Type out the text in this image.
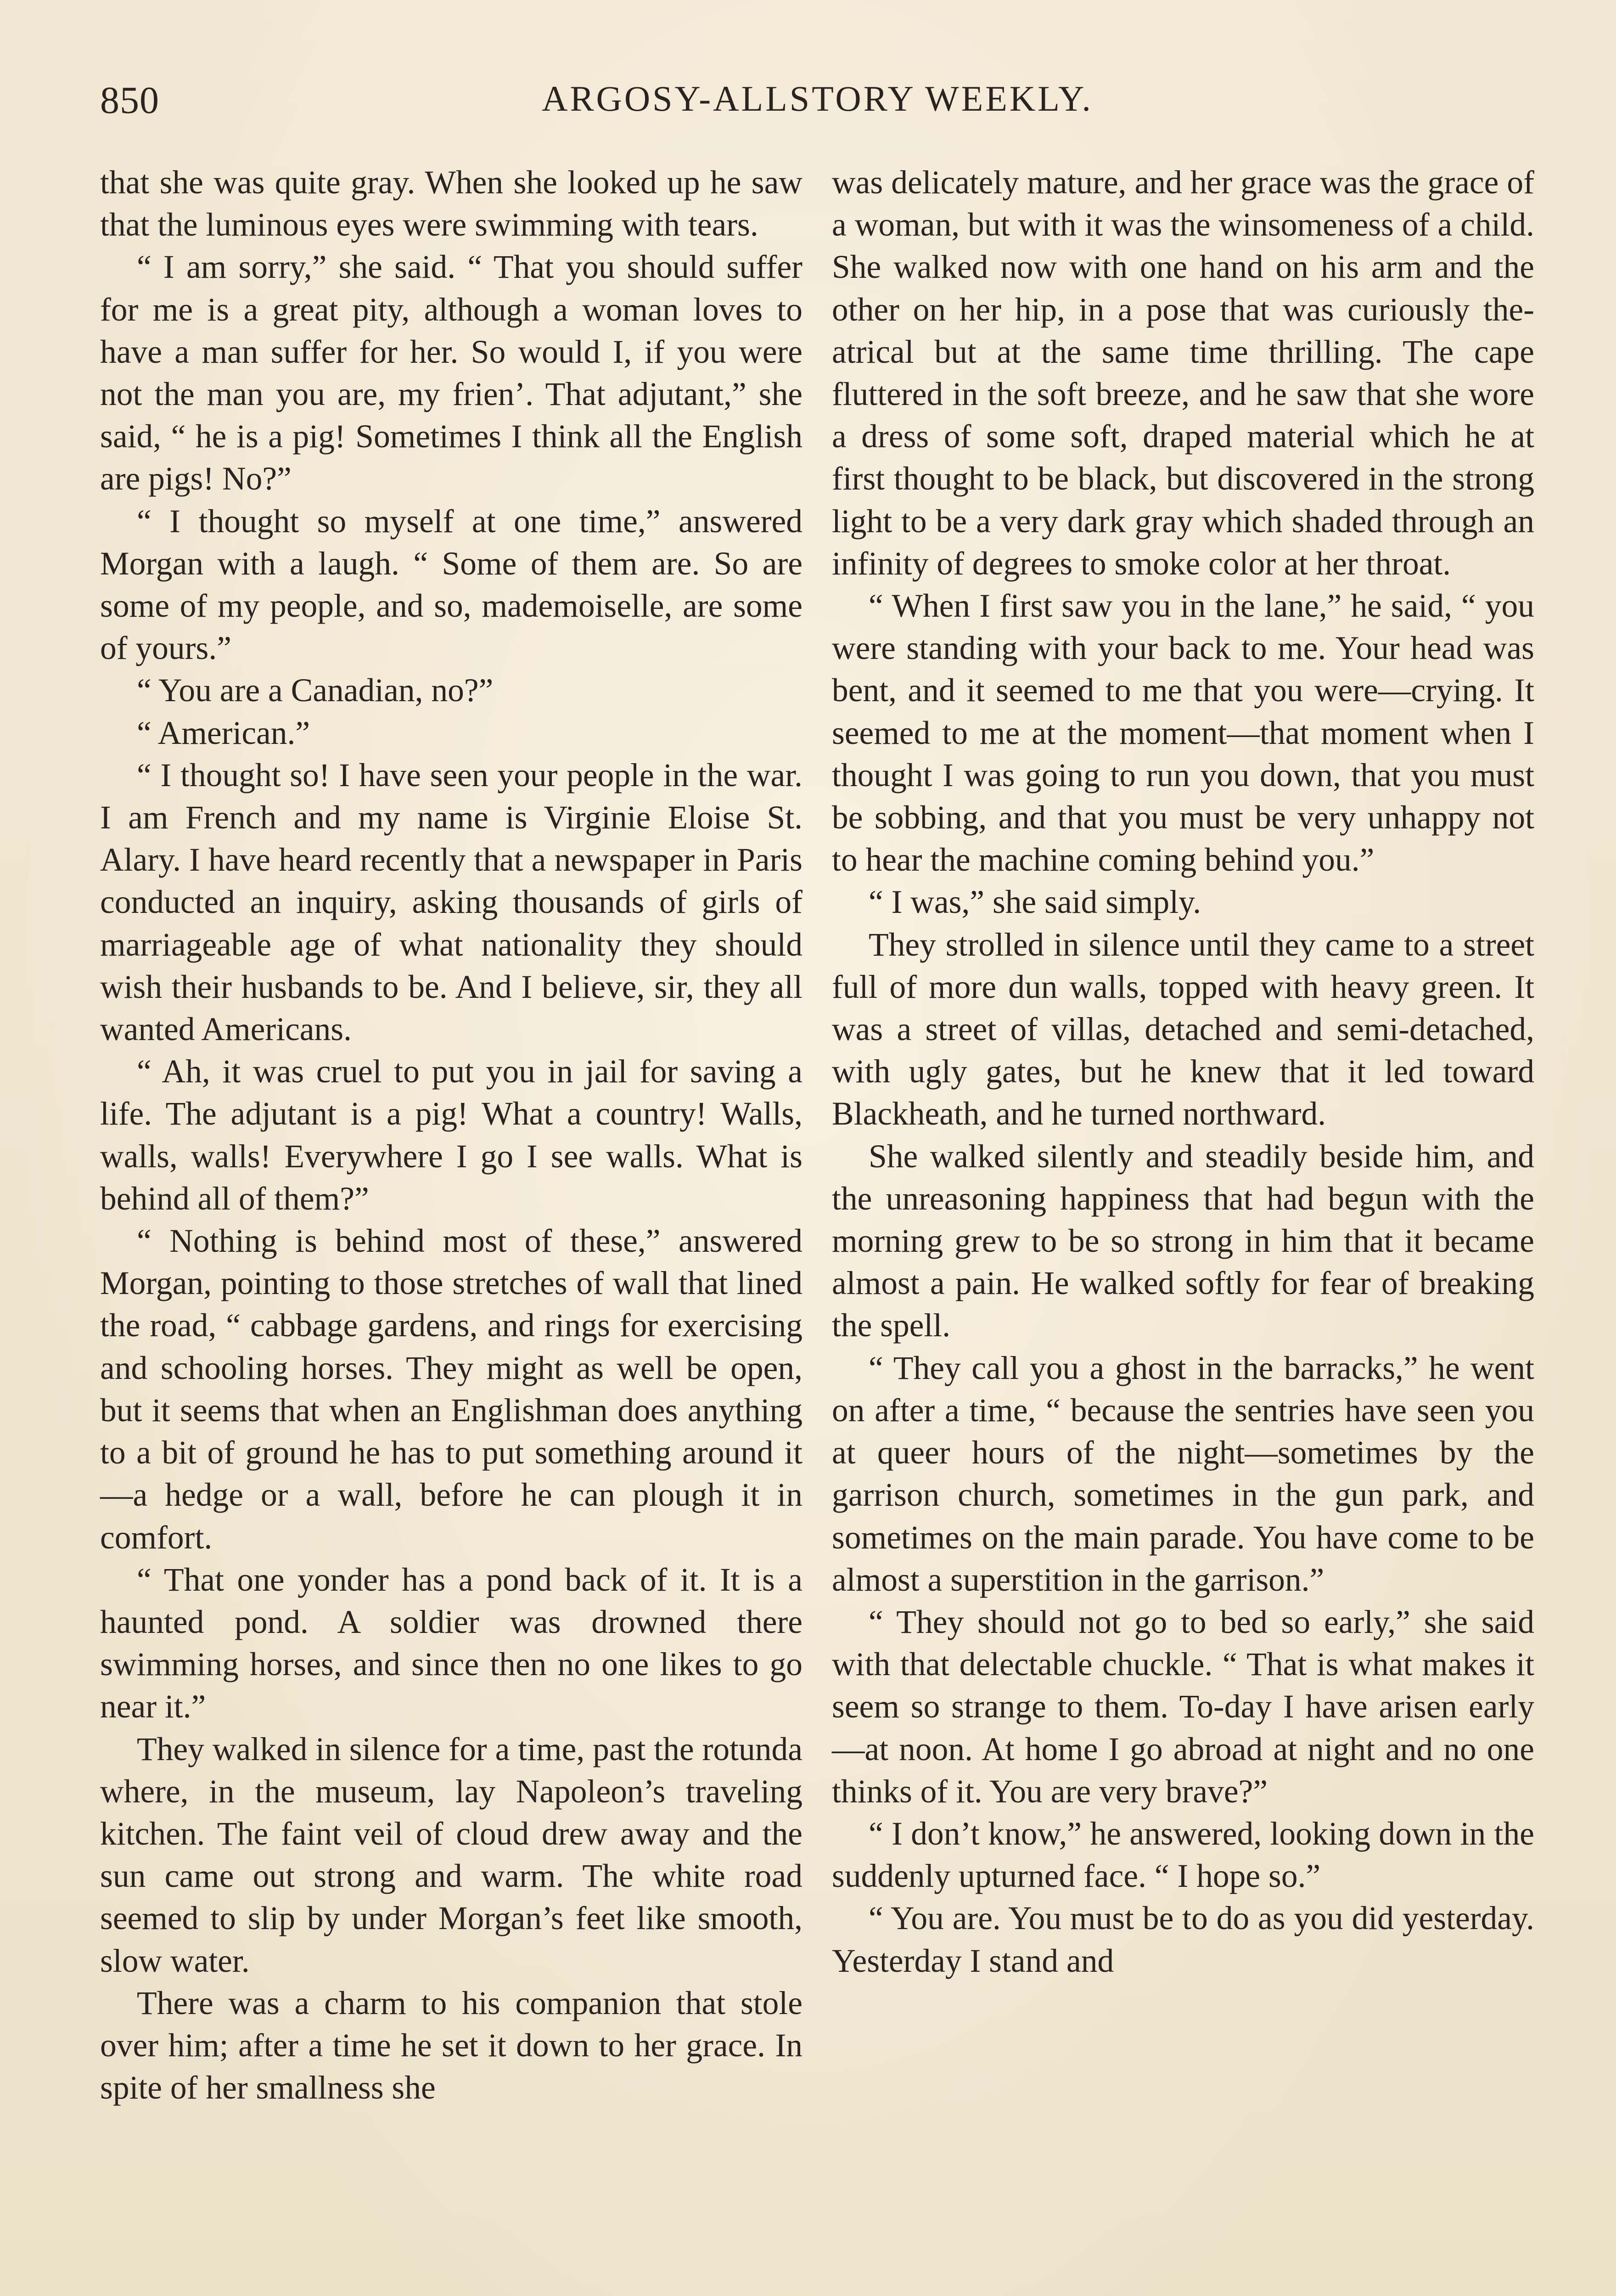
850	ARGOSY-ALLSTORY WEEKLY.

that she was quite gray. When she looked up he saw that the luminous eyes were swimming with tears.

“ I am sorry,” she said. “ That you should suffer for me is a great pity, although a woman loves to have a man suffer for her. So would I, if you were not the man you are, my frien’. That adjutant,” she said, “ he is a pig! Sometimes I think all the English are pigs! No?”

“ I thought so myself at one time,” answered Morgan with a laugh. “ Some of them are. So are some of my people, and so, mademoiselle, are some of yours.”

“ You are a Canadian, no?”

“ American.”

“ I thought so! I have seen your people in the war. I am French and my name is Virginie Eloise St. Alary. I have heard recently that a newspaper in Paris conducted an inquiry, asking thousands of girls of marriageable age of what nationality they should wish their husbands to be. And I believe, sir, they all wanted Americans.

“ Ah, it was cruel to put you in jail for saving a life. The adjutant is a pig! What a country! Walls, walls, walls! Everywhere I go I see walls. What is behind all of them?”

“ Nothing is behind most of these,” answered Morgan, pointing to those stretches of wall that lined the road, “ cabbage gardens, and rings for exercising and schooling horses. They might as well be open, but it seems that when an Englishman does anything to a bit of ground he has to put something around it—a hedge or a wall, before he can plough it in comfort.

“ That one yonder has a pond back of it. It is a haunted pond. A soldier was drowned there swimming horses, and since then no one likes to go near it.”

They walked in silence for a time, past the rotunda where, in the museum, lay Napoleon’s traveling kitchen. The faint veil of cloud drew away and the sun came out strong and warm. The white road seemed to slip by under Morgan’s feet like smooth, slow water.

There was a charm to his companion that stole over him; after a time he set it down to her grace. In spite of her smallness she

was delicately mature, and her grace was the grace of a woman, but with it was the winsomeness of a child. She walked now with one hand on his arm and the other on her hip, in a pose that was curiously theatrical but at the same time thrilling. The cape fluttered in the soft breeze, and he saw that she wore a dress of some soft, draped material which he at first thought to be black, but discovered in the strong light to be a very dark gray which shaded through an infinity of degrees to smoke color at her throat.

“ When I first saw you in the lane,” he said, “ you were standing with your back to me. Your head was bent, and it seemed to me that you were—crying. It seemed to me at the moment—that moment when I thought I was going to run you down, that you must be sobbing, and that you must be very unhappy not to hear the machine coming behind you.”

“ I was,” she said simply.

They strolled in silence until they came to a street full of more dun walls, topped with heavy green. It was a street of villas, detached and semi-detached, with ugly gates, but he knew that it led toward Blackheath, and he turned northward.

She walked silently and steadily beside him, and the unreasoning happiness that had begun with the morning grew to be so strong in him that it became almost a pain. He walked softly for fear of breaking the spell.

“ They call you a ghost in the barracks,” he went on after a time, “ because the sentries have seen you at queer hours of the night—sometimes by the garrison church, sometimes in the gun park, and sometimes on the main parade. You have come to be almost a superstition in the garrison.”

“ They should not go to bed so early,” she said with that delectable chuckle. “ That is what makes it seem so strange to them. To-day I have arisen early—at noon. At home I go abroad at night and no one thinks of it. You are very brave?”

“ I don’t know,” he answered, looking down in the suddenly upturned face. “ I hope so.”

“ You are. You must be to do as you did yesterday. Yesterday I stand and
